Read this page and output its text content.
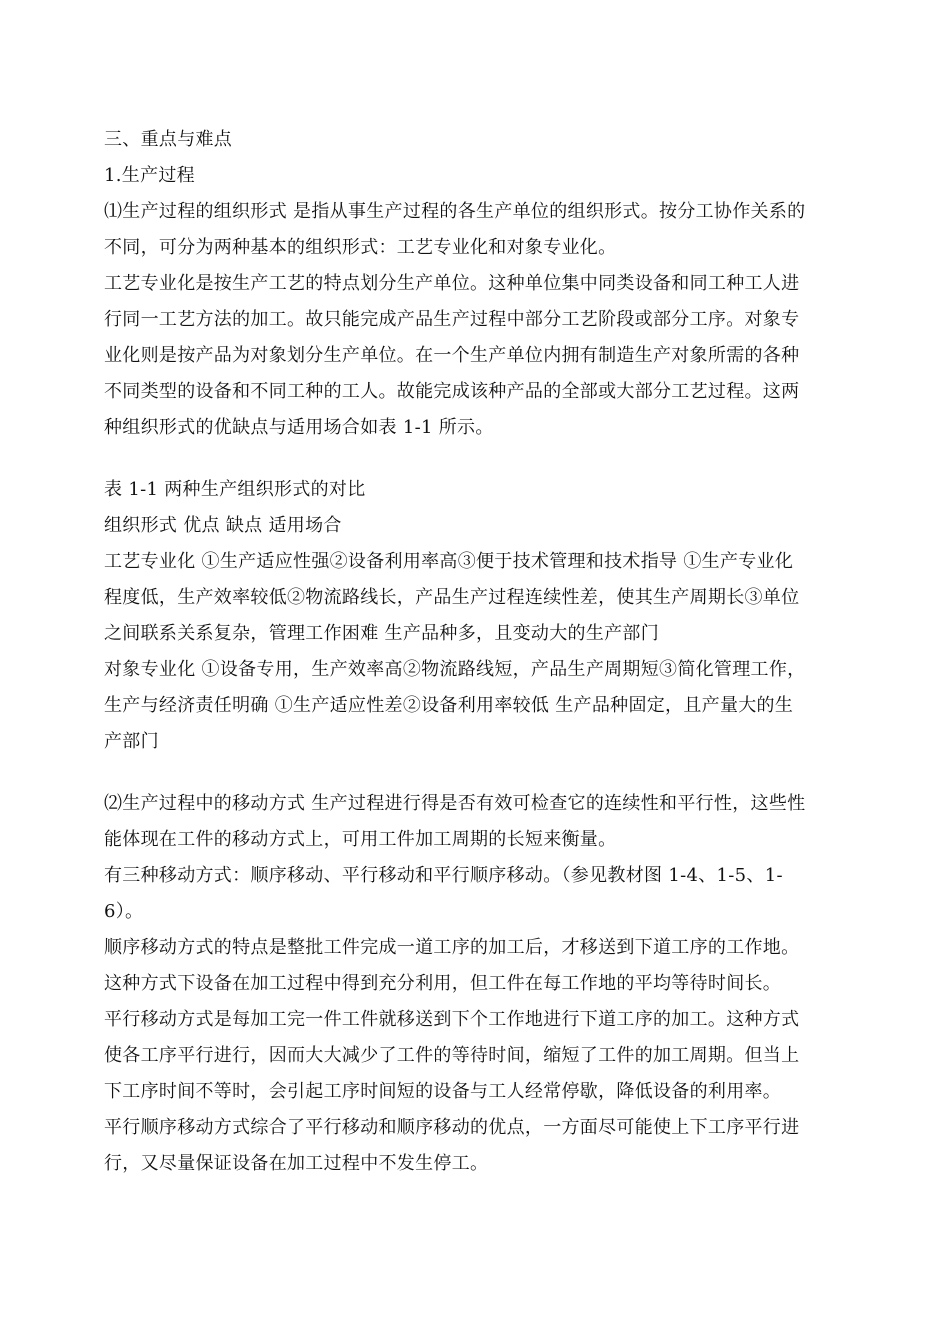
三、重点与难点
1.生产过程
⑴生产过程的组织形式 是指从事生产过程的各生产单位的组织形式。按分工协作关系的
不同，可分为两种基本的组织形式：工艺专业化和对象专业化。
工艺专业化是按生产工艺的特点划分生产单位。这种单位集中同类设备和同工种工人进
行同一工艺方法的加工。故只能完成产品生产过程中部分工艺阶段或部分工序。对象专
业化则是按产品为对象划分生产单位。在一个生产单位内拥有制造生产对象所需的各种
不同类型的设备和不同工种的工人。故能完成该种产品的全部或大部分工艺过程。这两
种组织形式的优缺点与适用场合如表 1-1 所示。
表 1-1 两种生产组织形式的对比
组织形式 优点 缺点 适用场合
工艺专业化 ①生产适应性强②设备利用率高③便于技术管理和技术指导 ①生产专业化
程度低，生产效率较低②物流路线长，产品生产过程连续性差，使其生产周期长③单位
之间联系关系复杂，管理工作困难 生产品种多，且变动大的生产部门
对象专业化 ①设备专用，生产效率高②物流路线短，产品生产周期短③简化管理工作，
生产与经济责任明确 ①生产适应性差②设备利用率较低 生产品种固定，且产量大的生
产部门
⑵生产过程中的移动方式 生产过程进行得是否有效可检查它的连续性和平行性，这些性
能体现在工件的移动方式上，可用工件加工周期的长短来衡量。
有三种移动方式：顺序移动、平行移动和平行顺序移动。（参见教材图 1-4、1-5、1-
6）。
顺序移动方式的特点是整批工件完成一道工序的加工后，才移送到下道工序的工作地。
这种方式下设备在加工过程中得到充分利用，但工件在每工作地的平均等待时间长。
平行移动方式是每加工完一件工件就移送到下个工作地进行下道工序的加工。这种方式
使各工序平行进行，因而大大减少了工件的等待时间，缩短了工件的加工周期。但当上
下工序时间不等时，会引起工序时间短的设备与工人经常停歇，降低设备的利用率。
平行顺序移动方式综合了平行移动和顺序移动的优点，一方面尽可能使上下工序平行进
行，又尽量保证设备在加工过程中不发生停工。
